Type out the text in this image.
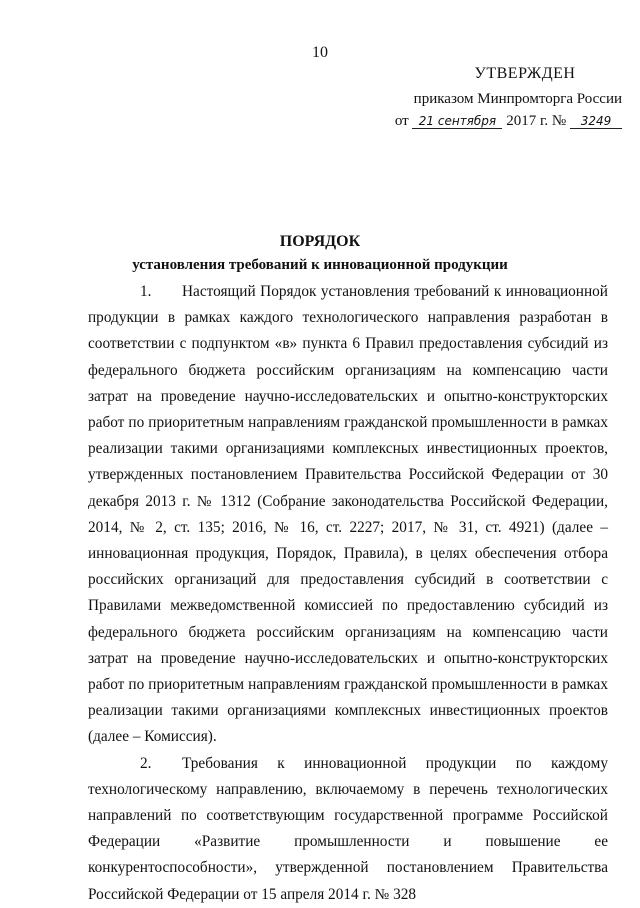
10
УТВЕРЖДЕН
приказом Минпромторга России
от 21 сентября 2017 г. № 3249
ПОРЯДОК
установления требований к инновационной продукции

1. Настоящий Порядок установления требований к инновационной продукции в рамках каждого технологического направления разработан в соответствии с подпунктом «в» пункта 6 Правил предоставления субсидий из федерального бюджета российским организациям на компенсацию части затрат на проведение научно-исследовательских и опытно-конструкторских работ по приоритетным направлениям гражданской промышленности в рамках реализации такими организациями комплексных инвестиционных проектов, утвержденных постановлением Правительства Российской Федерации от 30 декабря 2013 г. № 1312 (Собрание законодательства Российской Федерации, 2014, № 2, ст. 135; 2016, № 16, ст. 2227; 2017, № 31, ст. 4921) (далее – инновационная продукция, Порядок, Правила), в целях обеспечения отбора российских организаций для предоставления субсидий в соответствии с Правилами межведомственной комиссией по предоставлению субсидий из федерального бюджета российским организациям на компенсацию части затрат на проведение научно-исследовательских и опытно-конструкторских работ по приоритетным направлениям гражданской промышленности в рамках реализации такими организациями комплексных инвестиционных проектов (далее – Комиссия).

2. Требования к инновационной продукции по каждому технологическому направлению, включаемому в перечень технологических направлений по соответствующим государственной программе Российской Федерации «Развитие промышленности и повышение ее конкурентоспособности», утвержденной постановлением Правительства Российской Федерации от 15 апреля 2014 г. № 328
